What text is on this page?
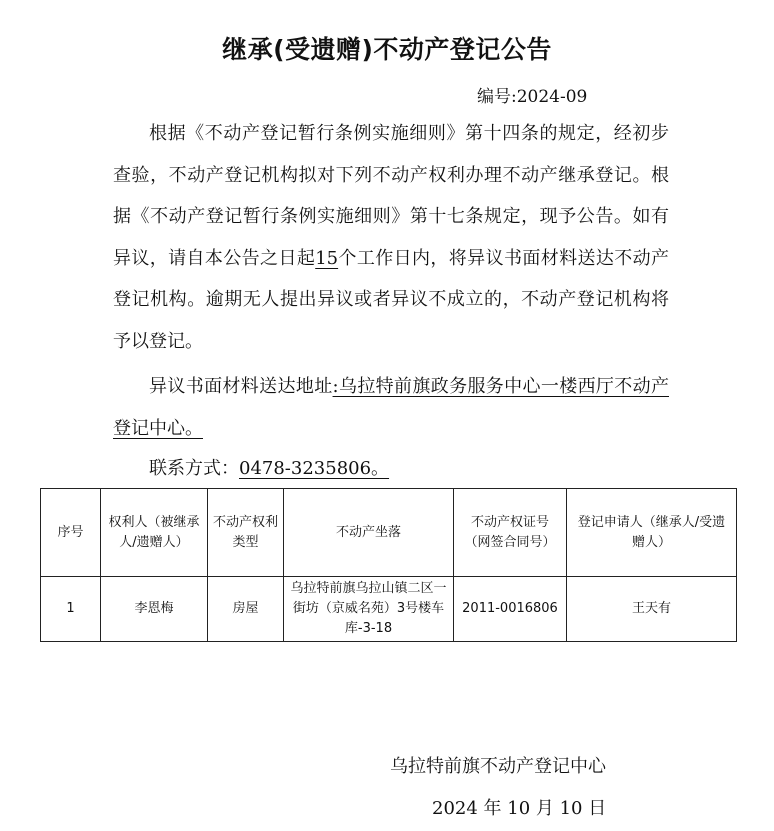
继承(受遗赠)不动产登记公告
编号:2024-09

根据《不动产登记暂行条例实施细则》第十四条的规定，经初步查验，不动产登记机构拟对下列不动产权利办理不动产继承登记。根据《不动产登记暂行条例实施细则》第十七条规定，现予公告。如有异议，请自本公告之日起15个工作日内，将异议书面材料送达不动产登记机构。逾期无人提出异议或者异议不成立的，不动产登记机构将予以登记。

异议书面材料送达地址:乌拉特前旗政务服务中心一楼西厅不动产登记中心。

联系方式：0478-3235806。

序号	权利人（被继承人/遗赠人）	不动产权利类型	不动产坐落	不动产权证号（网签合同号）	登记申请人（继承人/受遗赠人）
1	李恩梅	房屋	乌拉特前旗乌拉山镇二区一街坊（京威名苑）3号楼车库-3-18	2011-0016806	王天有
乌拉特前旗不动产登记中心
2024 年 10 月 10 日
